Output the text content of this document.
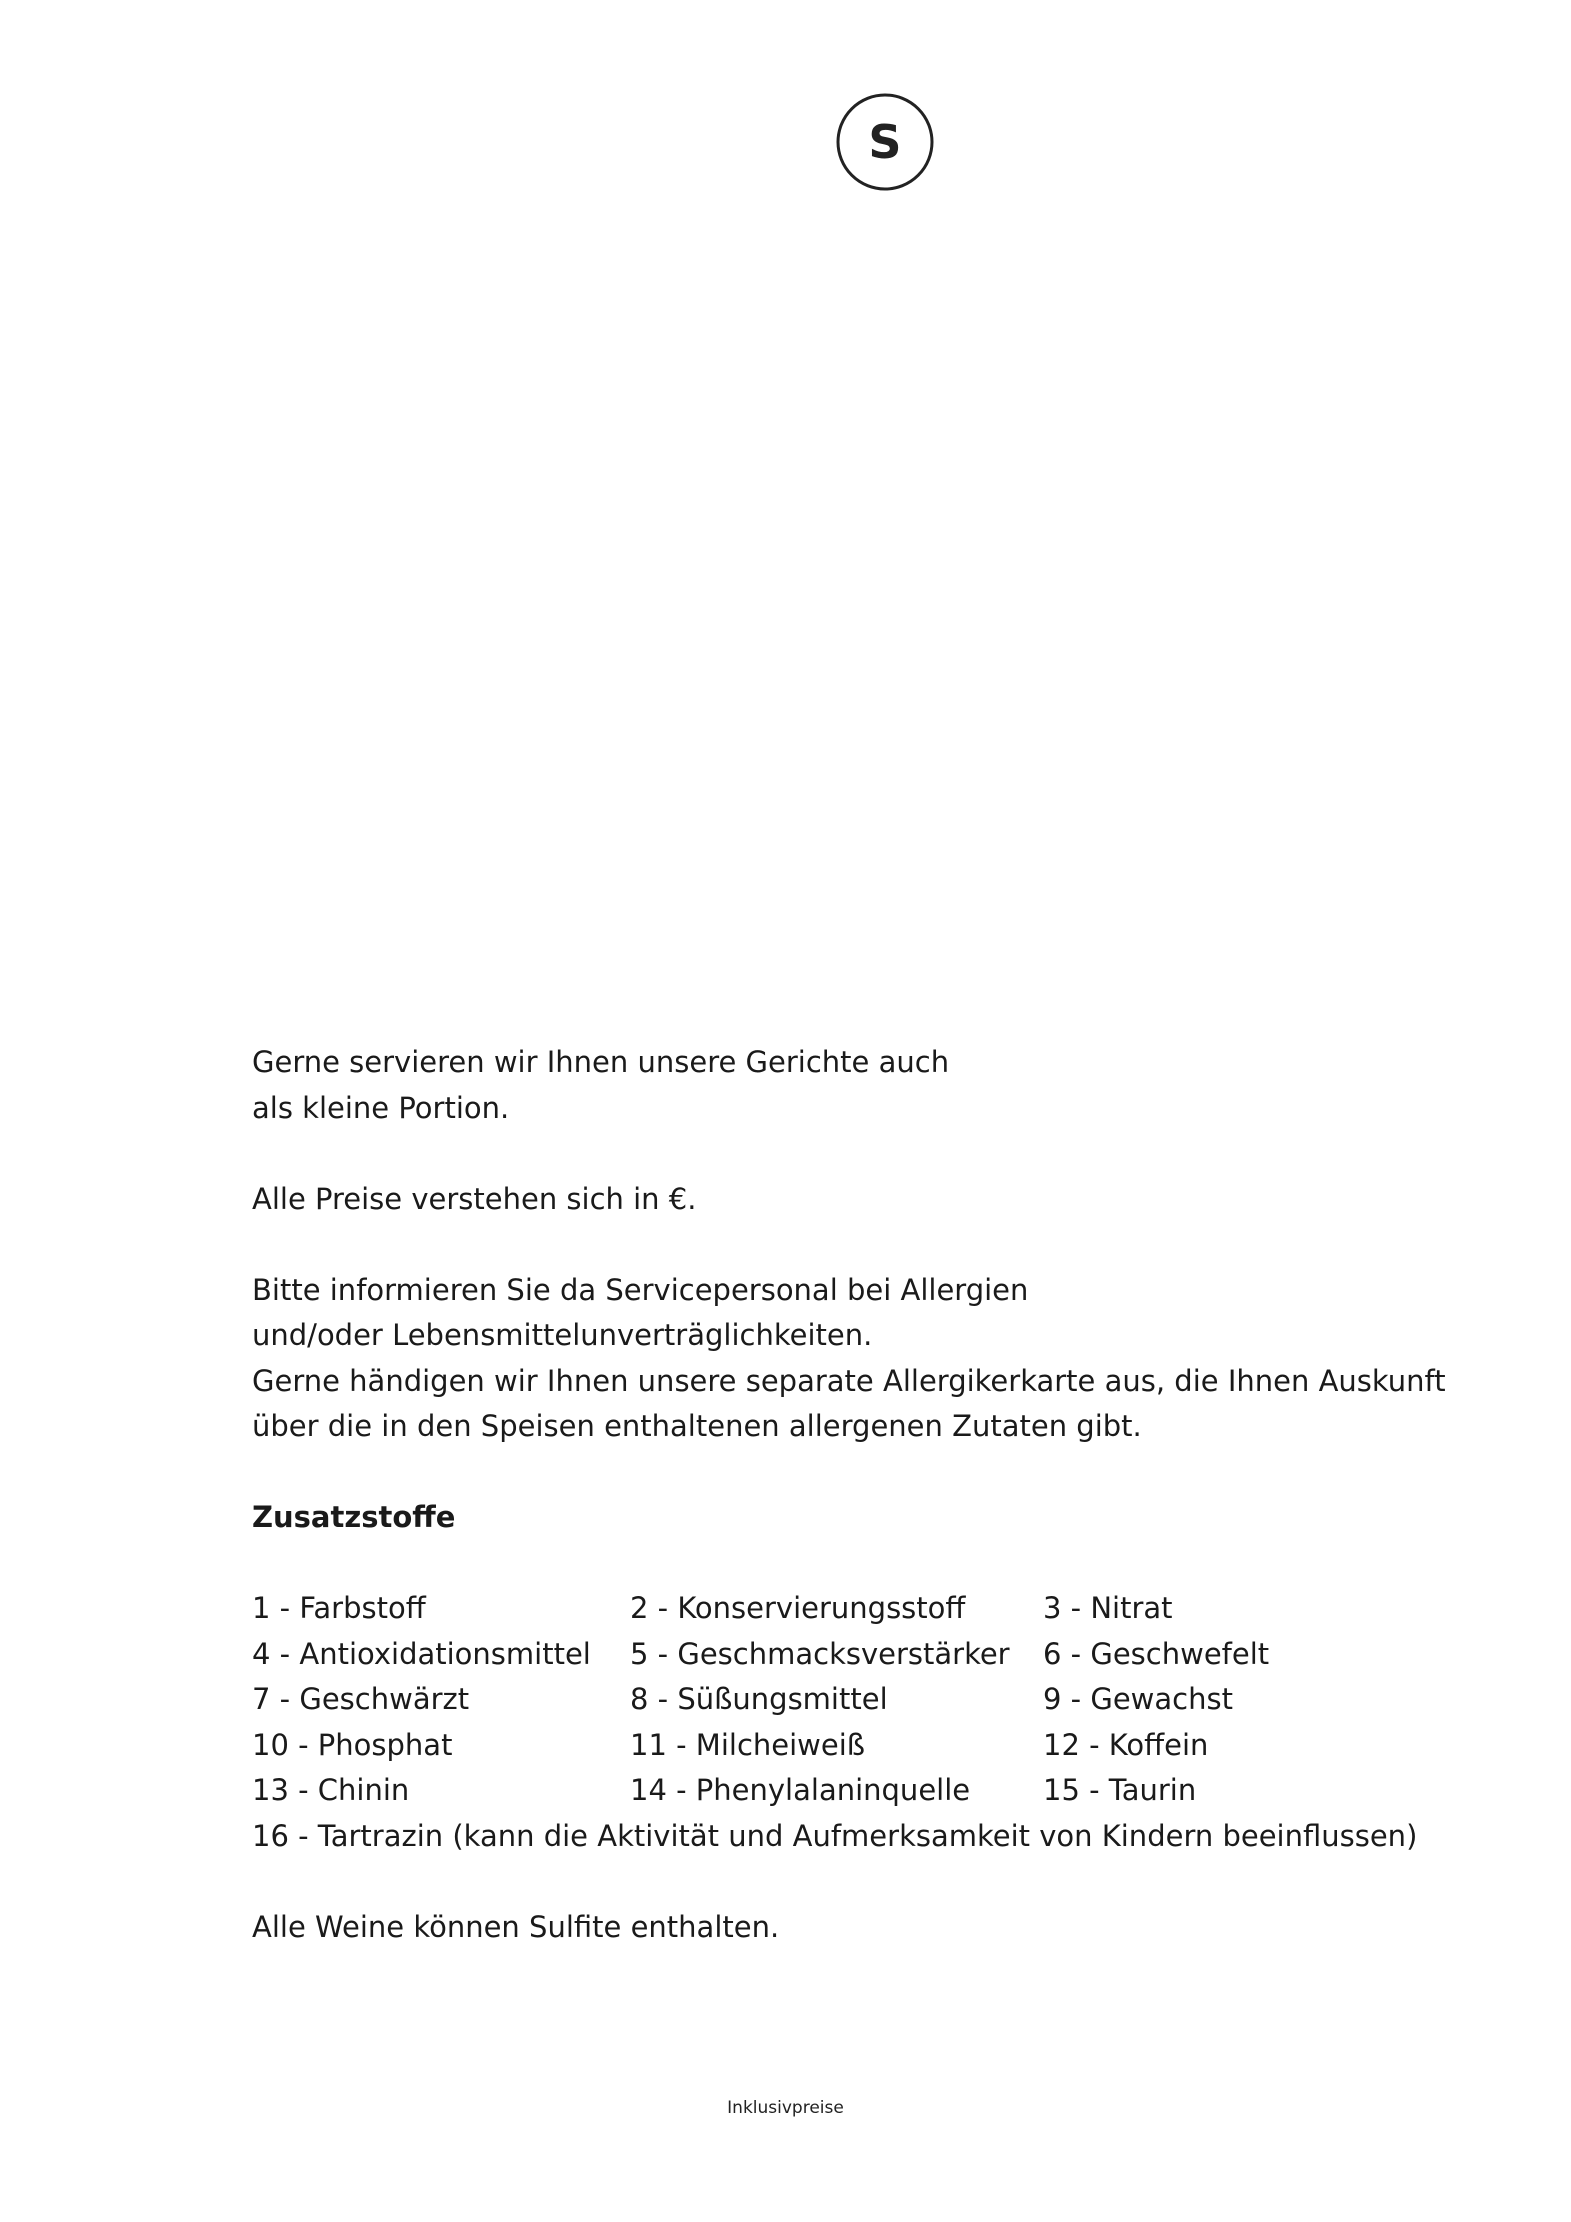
S

Gerne servieren wir Ihnen unsere Gerichte auch

als kleine Portion.

Alle Preise verstehen sich in €.

Bitte informieren Sie da Servicepersonal bei Allergien

und/oder Lebensmittelunverträglichkeiten.

Gerne händigen wir Ihnen unsere separate Allergikerkarte aus, die Ihnen Auskunft

über die in den Speisen enthaltenen allergenen Zutaten gibt.

Zusatzstoffe

1 - Farbstoff	2 - Konservierungsstoff	3 - Nitrat
4 - Antioxidationsmittel	5 - Geschmacksverstärker	6 - Geschwefelt
7 - Geschwärzt	8 - Süßungsmittel	9 - Gewachst
10 - Phosphat	11 - Milcheiweiß	12 - Koffein
13 - Chinin	14 - Phenylalaninquelle	15 - Taurin
16 - Tartrazin (kann die Aktivität und Aufmerksamkeit von Kindern beeinflussen)

Alle Weine können Sulfite enthalten.

Inklusivpreise
